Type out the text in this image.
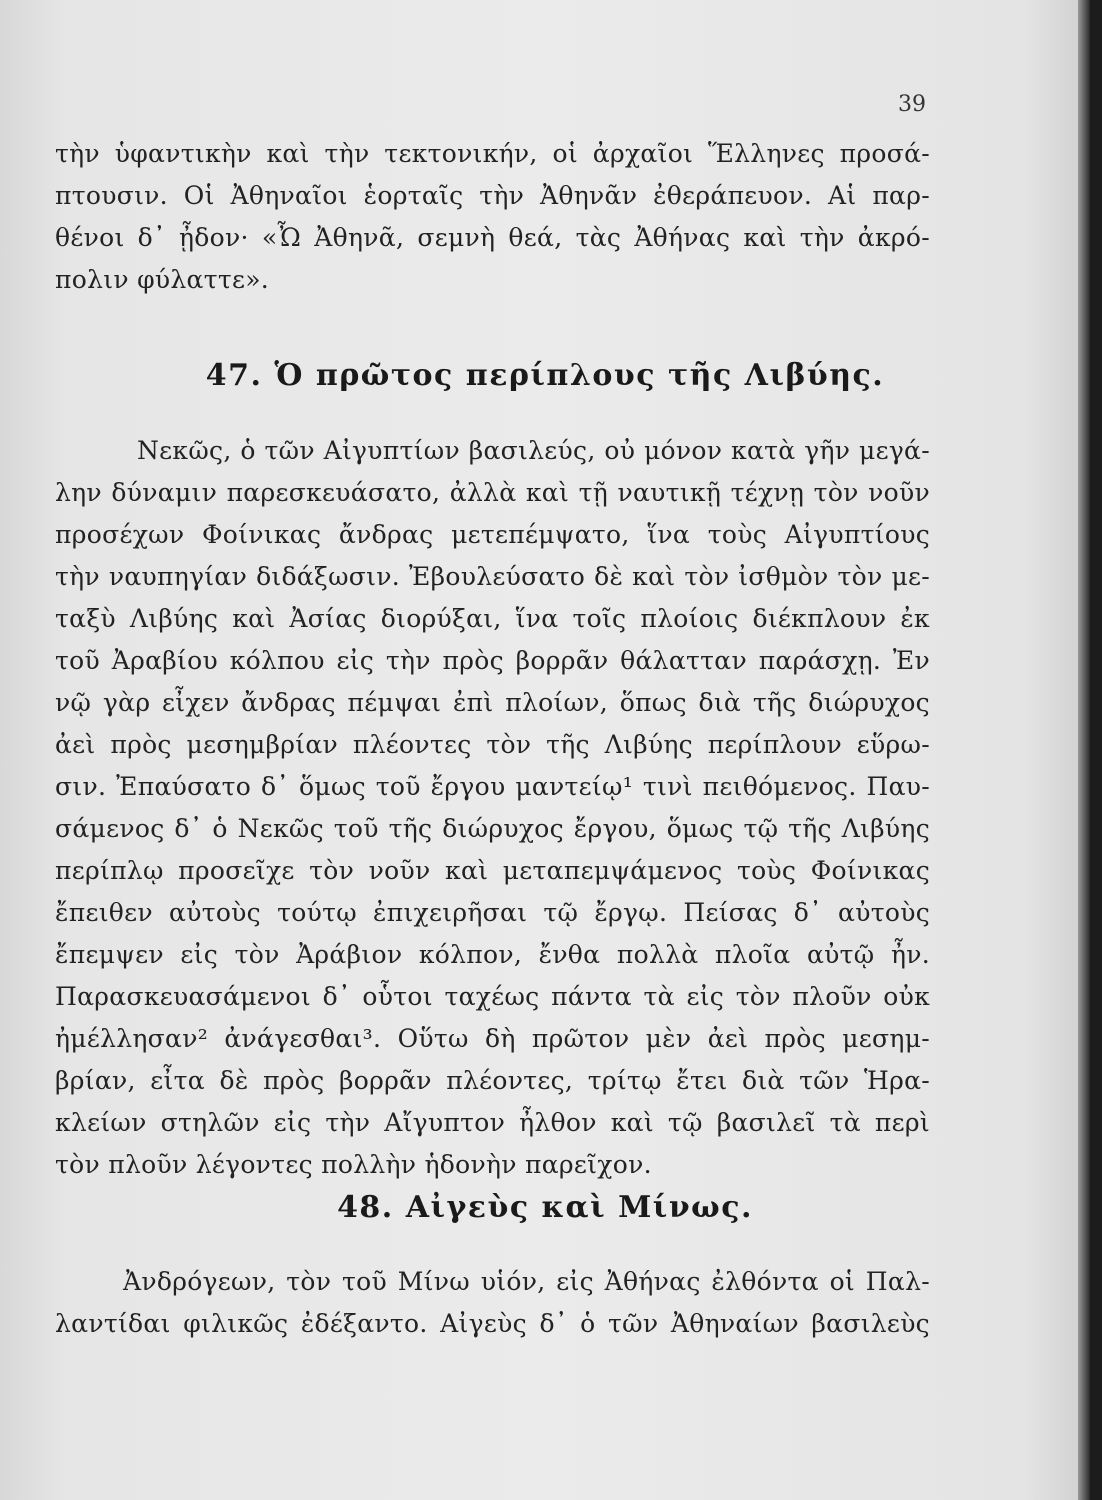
39
τὴν ὑφαντικὴν καὶ τὴν τεκτονικήν, οἱ ἀρχαῖοι Ἕλληνες προσά-
πτουσιν. Οἱ Ἀθηναῖοι ἑορταῖς τὴν Ἀθηνᾶν ἐθεράπευον. Αἱ παρ-
θένοι δ᾽ ᾖδον· «Ὦ Ἀθηνᾶ, σεμνὴ θεά, τὰς Ἀθήνας καὶ τὴν ἀκρό-
πολιν φύλαττε».
47. Ὁ πρῶτος περίπλους τῆς Λιβύης.
Νεκῶς, ὁ τῶν Αἰγυπτίων βασιλεύς, οὐ μόνον κατὰ γῆν μεγά-
λην δύναμιν παρεσκευάσατο, ἀλλὰ καὶ τῇ ναυτικῇ τέχνῃ τὸν νοῦν
προσέχων Φοίνικας ἄνδρας μετεπέμψατο, ἵνα τοὺς Αἰγυπτίους
τὴν ναυπηγίαν διδάξωσιν. Ἐβουλεύσατο δὲ καὶ τὸν ἰσθμὸν τὸν με-
ταξὺ Λιβύης καὶ Ἀσίας διορύξαι, ἵνα τοῖς πλοίοις διέκπλουν ἐκ
τοῦ Ἀραβίου κόλπου εἰς τὴν πρὸς βορρᾶν θάλατταν παράσχῃ. Ἐν
νῷ γὰρ εἶχεν ἄνδρας πέμψαι ἐπὶ πλοίων, ὅπως διὰ τῆς διώρυχος
ἀεὶ πρὸς μεσημβρίαν πλέοντες τὸν τῆς Λιβύης περίπλουν εὕρω-
σιν. Ἐπαύσατο δ᾽ ὅμως τοῦ ἔργου μαντείῳ¹ τινὶ πειθόμενος. Παυ-
σάμενος δ᾽ ὁ Νεκῶς τοῦ τῆς διώρυχος ἔργου, ὅμως τῷ τῆς Λιβύης
περίπλῳ προσεῖχε τὸν νοῦν καὶ μεταπεμψάμενος τοὺς Φοίνικας
ἔπειθεν αὐτοὺς τούτῳ ἐπιχειρῆσαι τῷ ἔργῳ. Πείσας δ᾽ αὐτοὺς
ἔπεμψεν εἰς τὸν Ἀράβιον κόλπον, ἔνθα πολλὰ πλοῖα αὐτῷ ἦν.
Παρασκευασάμενοι δ᾽ οὗτοι ταχέως πάντα τὰ εἰς τὸν πλοῦν οὐκ
ἠμέλλησαν² ἀνάγεσθαι³. Οὕτω δὴ πρῶτον μὲν ἀεὶ πρὸς μεσημ-
βρίαν, εἶτα δὲ πρὸς βορρᾶν πλέοντες, τρίτῳ ἔτει διὰ τῶν Ἡρα-
κλείων στηλῶν εἰς τὴν Αἴγυπτον ἦλθον καὶ τῷ βασιλεῖ τὰ περὶ
τὸν πλοῦν λέγοντες πολλὴν ἡδονὴν παρεῖχον.
48. Αἰγεὺς καὶ Μίνως.
Ἀνδρόγεων, τὸν τοῦ Μίνω υἱόν, εἰς Ἀθήνας ἐλθόντα οἱ Παλ-
λαντίδαι φιλικῶς ἐδέξαντο. Αἰγεὺς δ᾽ ὁ τῶν Ἀθηναίων βασιλεὺς
